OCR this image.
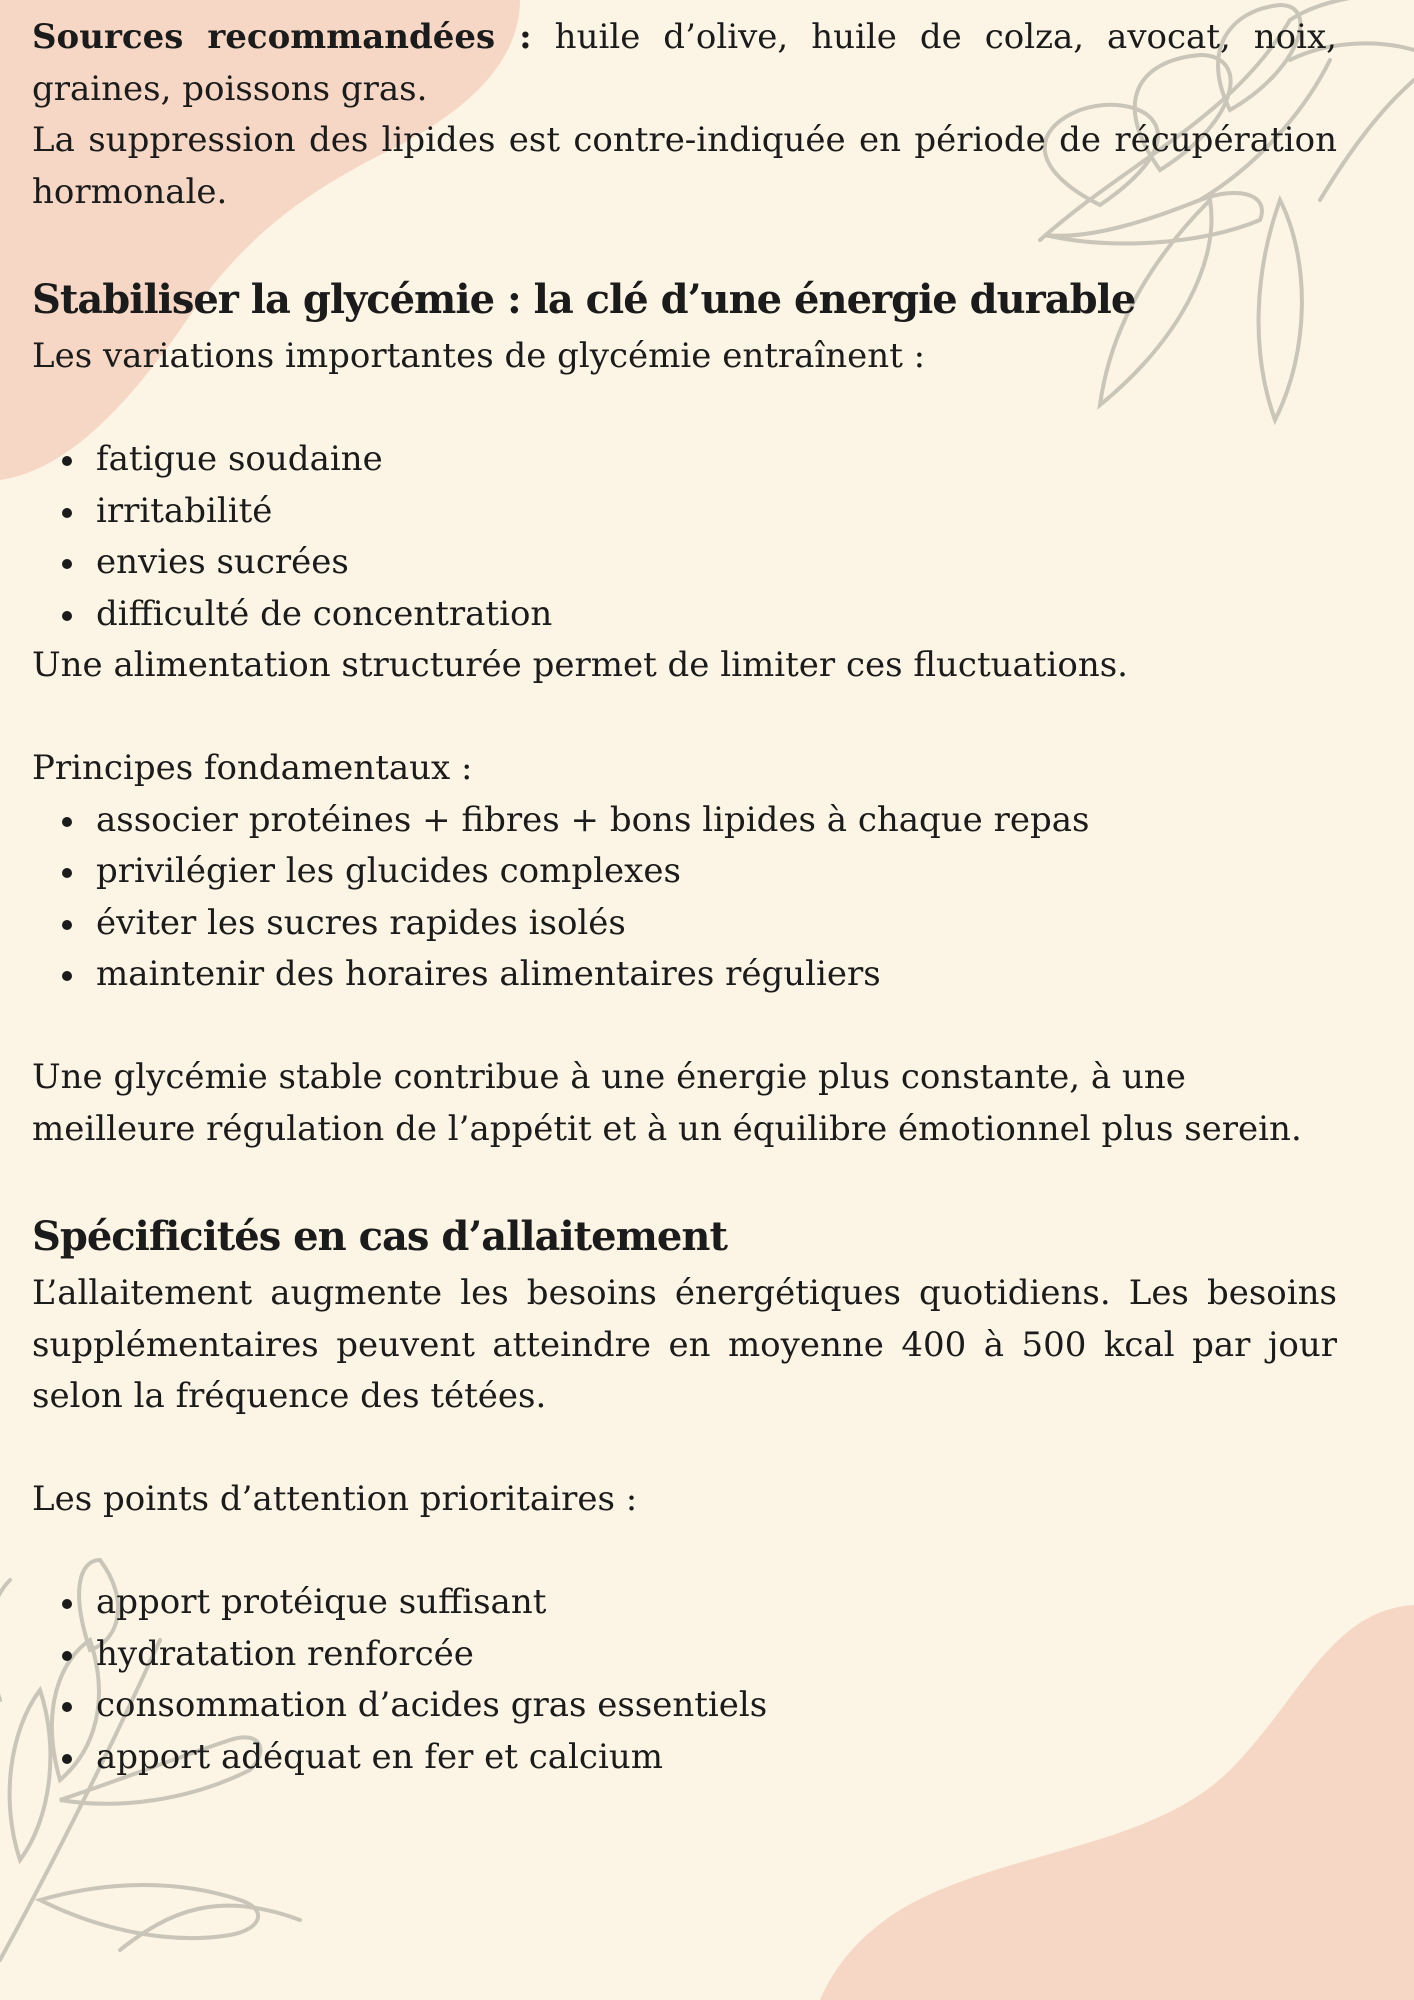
Sources recommandées : huile d’olive, huile de colza, avocat, noix, graines, poissons gras.

La suppression des lipides est contre-indiquée en période de récupération hormonale.

Stabiliser la glycémie : la clé d’une énergie durable

Les variations importantes de glycémie entraînent :

fatigue soudaine
irritabilité
envies sucrées
difficulté de concentration

Une alimentation structurée permet de limiter ces fluctuations.

Principes fondamentaux :

associer protéines + fibres + bons lipides à chaque repas
privilégier les glucides complexes
éviter les sucres rapides isolés
maintenir des horaires alimentaires réguliers

Une glycémie stable contribue à une énergie plus constante, à une meilleure régulation de l’appétit et à un équilibre émotionnel plus serein.

Spécificités en cas d’allaitement

L’allaitement augmente les besoins énergétiques quotidiens. Les besoins supplémentaires peuvent atteindre en moyenne 400 à 500 kcal par jour selon la fréquence des tétées.

Les points d’attention prioritaires :

apport protéique suffisant
hydratation renforcée
consommation d’acides gras essentiels
apport adéquat en fer et calcium
